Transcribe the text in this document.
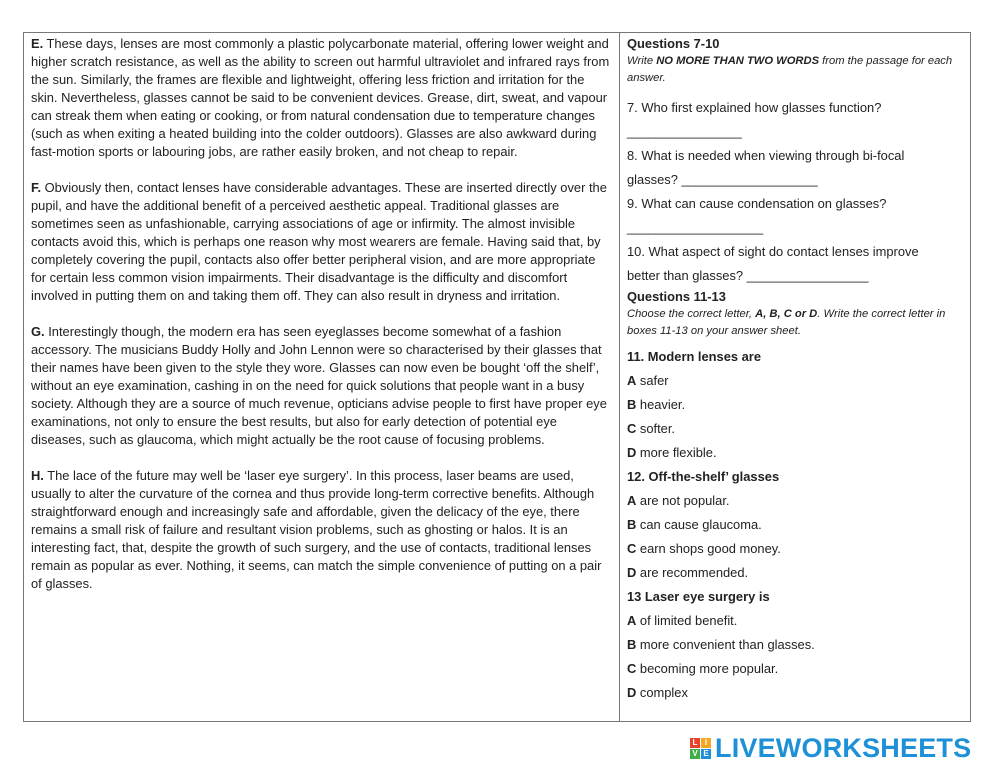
E. These days, lenses are most commonly a plastic polycarbonate material, offering lower weight and higher scratch resistance, as well as the ability to screen out harmful ultraviolet and infrared rays from the sun. Similarly, the frames are flexible and lightweight, offering less friction and irritation for the skin. Nevertheless, glasses cannot be said to be convenient devices. Grease, dirt, sweat, and vapour can streak them when eating or cooking, or from natural condensation due to temperature changes (such as when exiting a heated building into the colder outdoors). Glasses are also awkward during fast-motion sports or labouring jobs, are rather easily broken, and not cheap to repair.

F. Obviously then, contact lenses have considerable advantages. These are inserted directly over the pupil, and have the additional benefit of a perceived aesthetic appeal. Traditional glasses are sometimes seen as unfashionable, carrying associations of age or infirmity. The almost invisible contacts avoid this, which is perhaps one reason why most wearers are female. Having said that, by completely covering the pupil, contacts also offer better peripheral vision, and are more appropriate for certain less common vision impairments. Their disadvantage is the difficulty and discomfort involved in putting them on and taking them off. They can also result in dryness and irritation.

G. Interestingly though, the modern era has seen eyeglasses become somewhat of a fashion accessory. The musicians Buddy Holly and John Lennon were so characterised by their glasses that their names have been given to the style they wore. Glasses can now even be bought ‘off the shelf’, without an eye examination, cashing in on the need for quick solutions that people want in a busy society. Although they are a source of much revenue, opticians advise people to first have proper eye examinations, not only to ensure the best results, but also for early detection of potential eye diseases, such as glaucoma, which might actually be the root cause of focusing problems.

H. The lace of the future may well be ‘laser eye surgery’. In this process, laser beams are used, usually to alter the curvature of the cornea and thus provide long-term corrective benefits. Although straightforward enough and increasingly safe and affordable, given the delicacy of the eye, there remains a small risk of failure and resultant vision problems, such as ghosting or halos. It is an interesting fact, that, despite the growth of such surgery, and the use of contacts, traditional lenses remain as popular as ever. Nothing, it seems, can match the simple convenience of putting on a pair of glasses.

Questions 7-10
Write NO MORE THAN TWO WORDS from the passage for each answer.
7. Who first explained how glasses function?
________________
8. What is needed when viewing through bi-focal
glasses? ___________________
9. What can cause condensation on glasses?
___________________
10. What aspect of sight do contact lenses improve
better than glasses? _________________
Questions 11-13
Choose the correct letter, A, B, C or D. Write the correct letter in boxes 11-13 on your answer sheet.
11. Modern lenses are
A safer
B heavier.
C softer.
D more flexible.
12. Off-the-shelf’ glasses
A are not popular.
B can cause glaucoma.
C earn shops good money.
D are recommended.
13 Laser eye surgery is
A of limited benefit.
B more convenient than glasses.
C becoming more popular.
D complex
L I
V E LIVEWORKSHEETS
